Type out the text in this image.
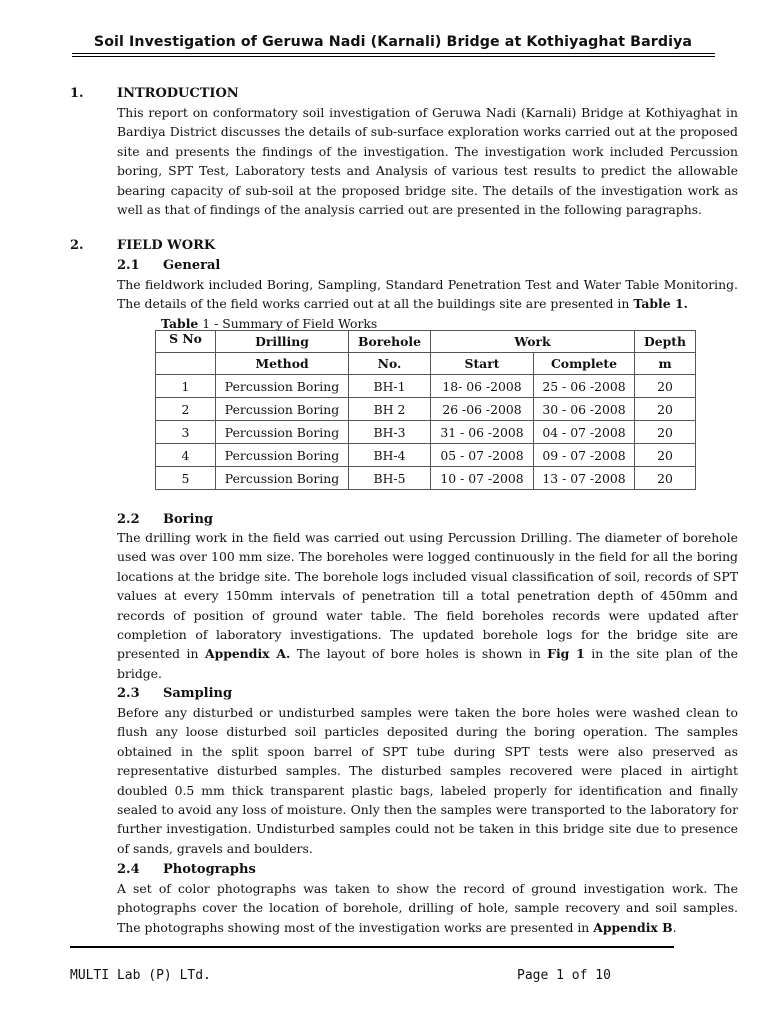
Soil Investigation of Geruwa Nadi (Karnali) Bridge at Kothiyaghat Bardiya
1.	INTRODUCTION
This report on conformatory soil investigation of Geruwa Nadi (Karnali) Bridge at Kothiyaghat in Bardiya District discusses the details of sub-surface exploration works carried out at the proposed site and presents the findings of the investigation. The investigation work included Percussion boring, SPT Test, Laboratory tests and Analysis of various test results to predict the allowable bearing capacity of sub-soil at the proposed bridge site. The details of the investigation work as well as that of findings of the analysis carried out are presented in the following paragraphs.
2.	FIELD WORK
2.1 General
The fieldwork included Boring, Sampling, Standard Penetration Test and Water Table Monitoring. The details of the field works carried out at all the buildings site are presented in Table 1.
Table 1 - Summary of Field Works
S No	Drilling	Borehole	Work		Depth
	Method	No.	Start	Complete	m
1	Percussion Boring	BH-1	18- 06 -2008	25 - 06 -2008	20
2	Percussion Boring	BH 2	26 -06 -2008	30 - 06 -2008	20
3	Percussion Boring	BH-3	31 - 06 -2008	04 - 07 -2008	20
4	Percussion Boring	BH-4	05 - 07 -2008	09 - 07 -2008	20
5	Percussion Boring	BH-5	10 - 07 -2008	13 - 07 -2008	20
2.2 Boring
The drilling work in the field was carried out using Percussion Drilling. The diameter of borehole used was over 100 mm size. The boreholes were logged continuously in the field for all the boring locations at the bridge site. The borehole logs included visual classification of soil, records of SPT values at every 150mm intervals of penetration till a total penetration depth of 450mm and records of position of ground water table. The field boreholes records were updated after completion of laboratory investigations. The updated borehole logs for the bridge site are presented in Appendix A. The layout of bore holes is shown in Fig 1 in the site plan of the bridge.
2.3 Sampling
Before any disturbed or undisturbed samples were taken the bore holes were washed clean to flush any loose disturbed soil particles deposited during the boring operation. The samples obtained in the split spoon barrel of SPT tube during SPT tests were also preserved as representative disturbed samples. The disturbed samples recovered were placed in airtight doubled 0.5 mm thick transparent plastic bags, labeled properly for identification and finally sealed to avoid any loss of moisture. Only then the samples were transported to the laboratory for further investigation. Undisturbed samples could not be taken in this bridge site due to presence of sands, gravels and boulders.
2.4 Photographs
A set of color photographs was taken to show the record of ground investigation work. The photographs cover the location of borehole, drilling of hole, sample recovery and soil samples. The photographs showing most of the investigation works are presented in Appendix B.
MULTI Lab (P) LTd.	Page 1 of 10
